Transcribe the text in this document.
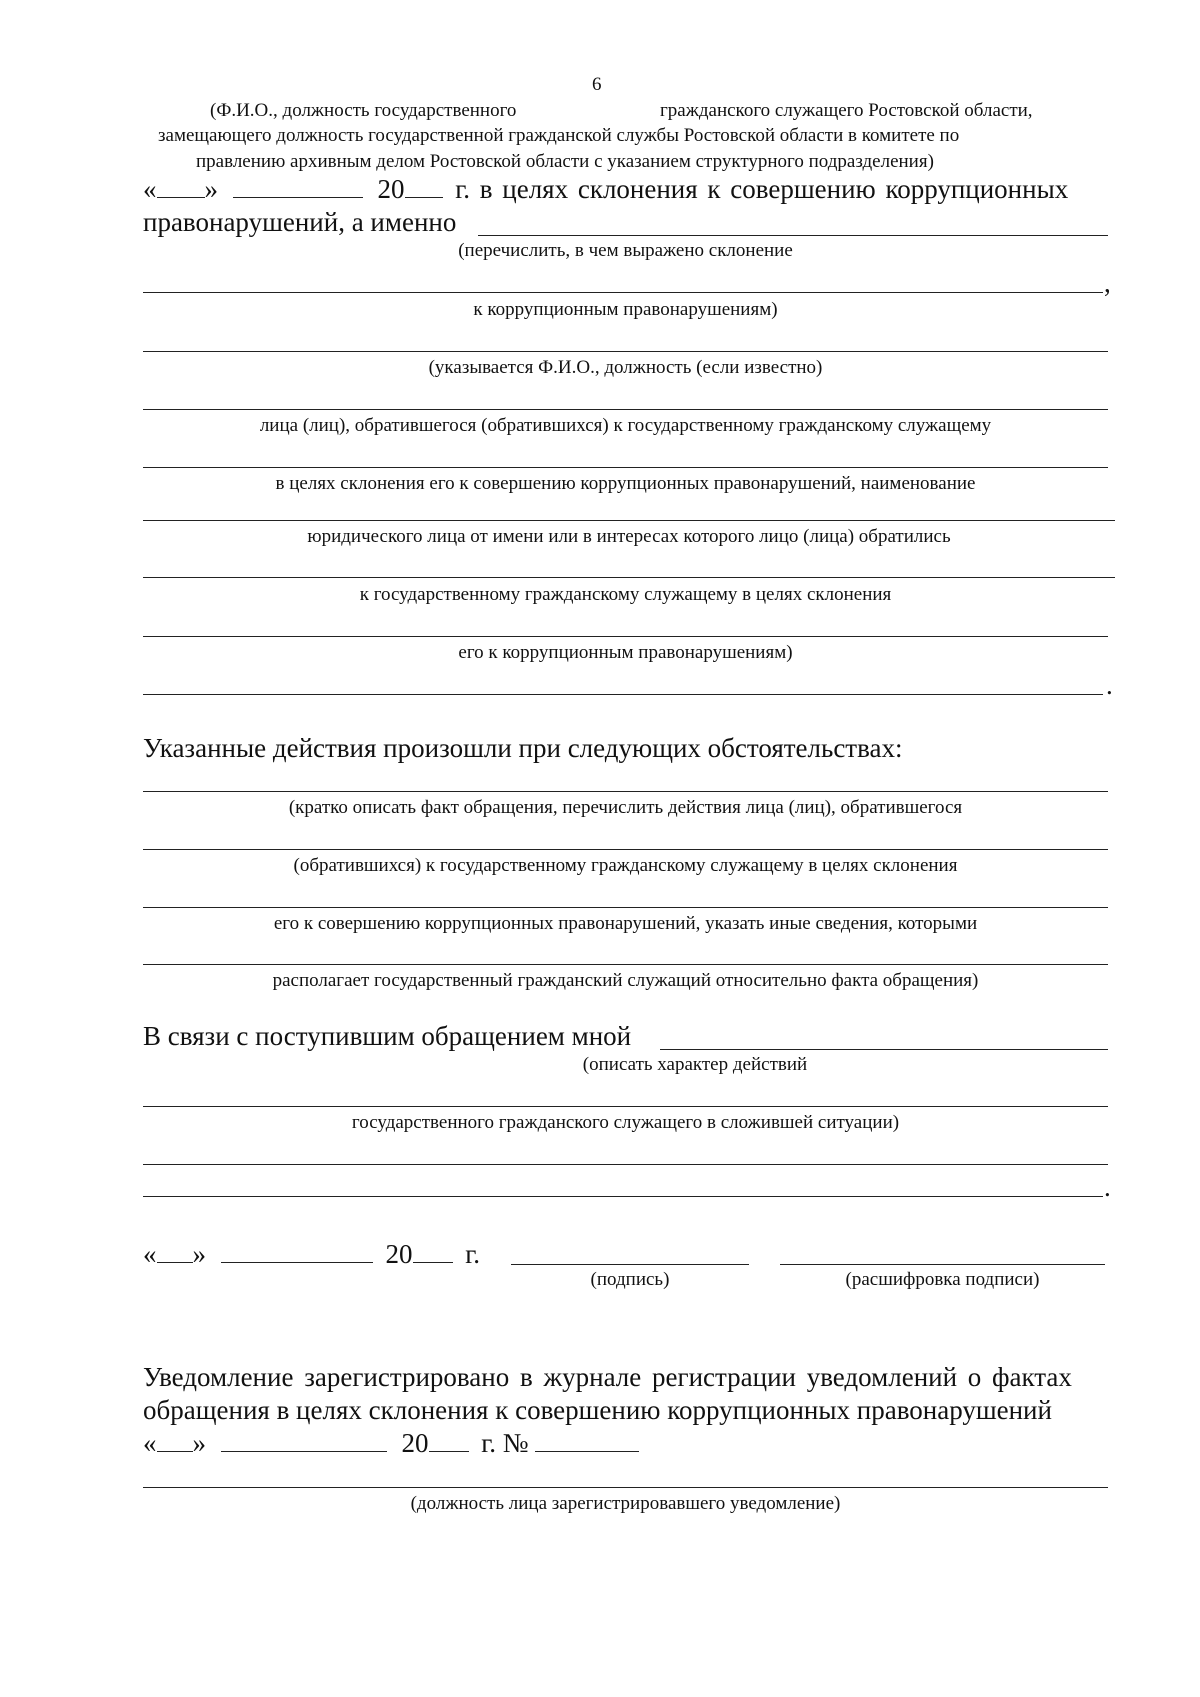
6
(Ф.И.О., должность государственного	гражданского служащего Ростовской области,
замещающего должность государственной гражданской службы Ростовской области в комитете по
правлению архивным делом Ростовской области с указанием структурного подразделения)
« »	20 г. в целях склонения к совершению коррупционных
правонарушений, а именно
(перечислить, в чем выражено склонение
,
к коррупционным правонарушениям)
(указывается Ф.И.О., должность (если известно)
лица (лиц), обратившегося (обратившихся) к государственному гражданскому служащему
в целях склонения его к совершению коррупционных правонарушений, наименование
юридического лица от имени или в интересах которого лицо (лица) обратились
к государственному гражданскому служащему в целях склонения
его к коррупционным правонарушениям)
.
Указанные действия произошли при следующих обстоятельствах:
(кратко описать факт обращения, перечислить действия лица (лиц), обратившегося
(обратившихся) к государственному гражданскому служащему в целях склонения
его к совершению коррупционных правонарушений, указать иные сведения, которыми
располагает государственный гражданский служащий относительно факта обращения)
В связи с поступившим обращением мной
(описать характер действий
государственного гражданского служащего в сложившей ситуации)
.
« »	20 г.
(подпись)	(расшифровка подписи)
Уведомление зарегистрировано в журнале регистрации уведомлений о фактах
обращения в целях склонения к совершению коррупционных правонарушений
« »	20 г. №
(должность лица зарегистрировавшего уведомление)
